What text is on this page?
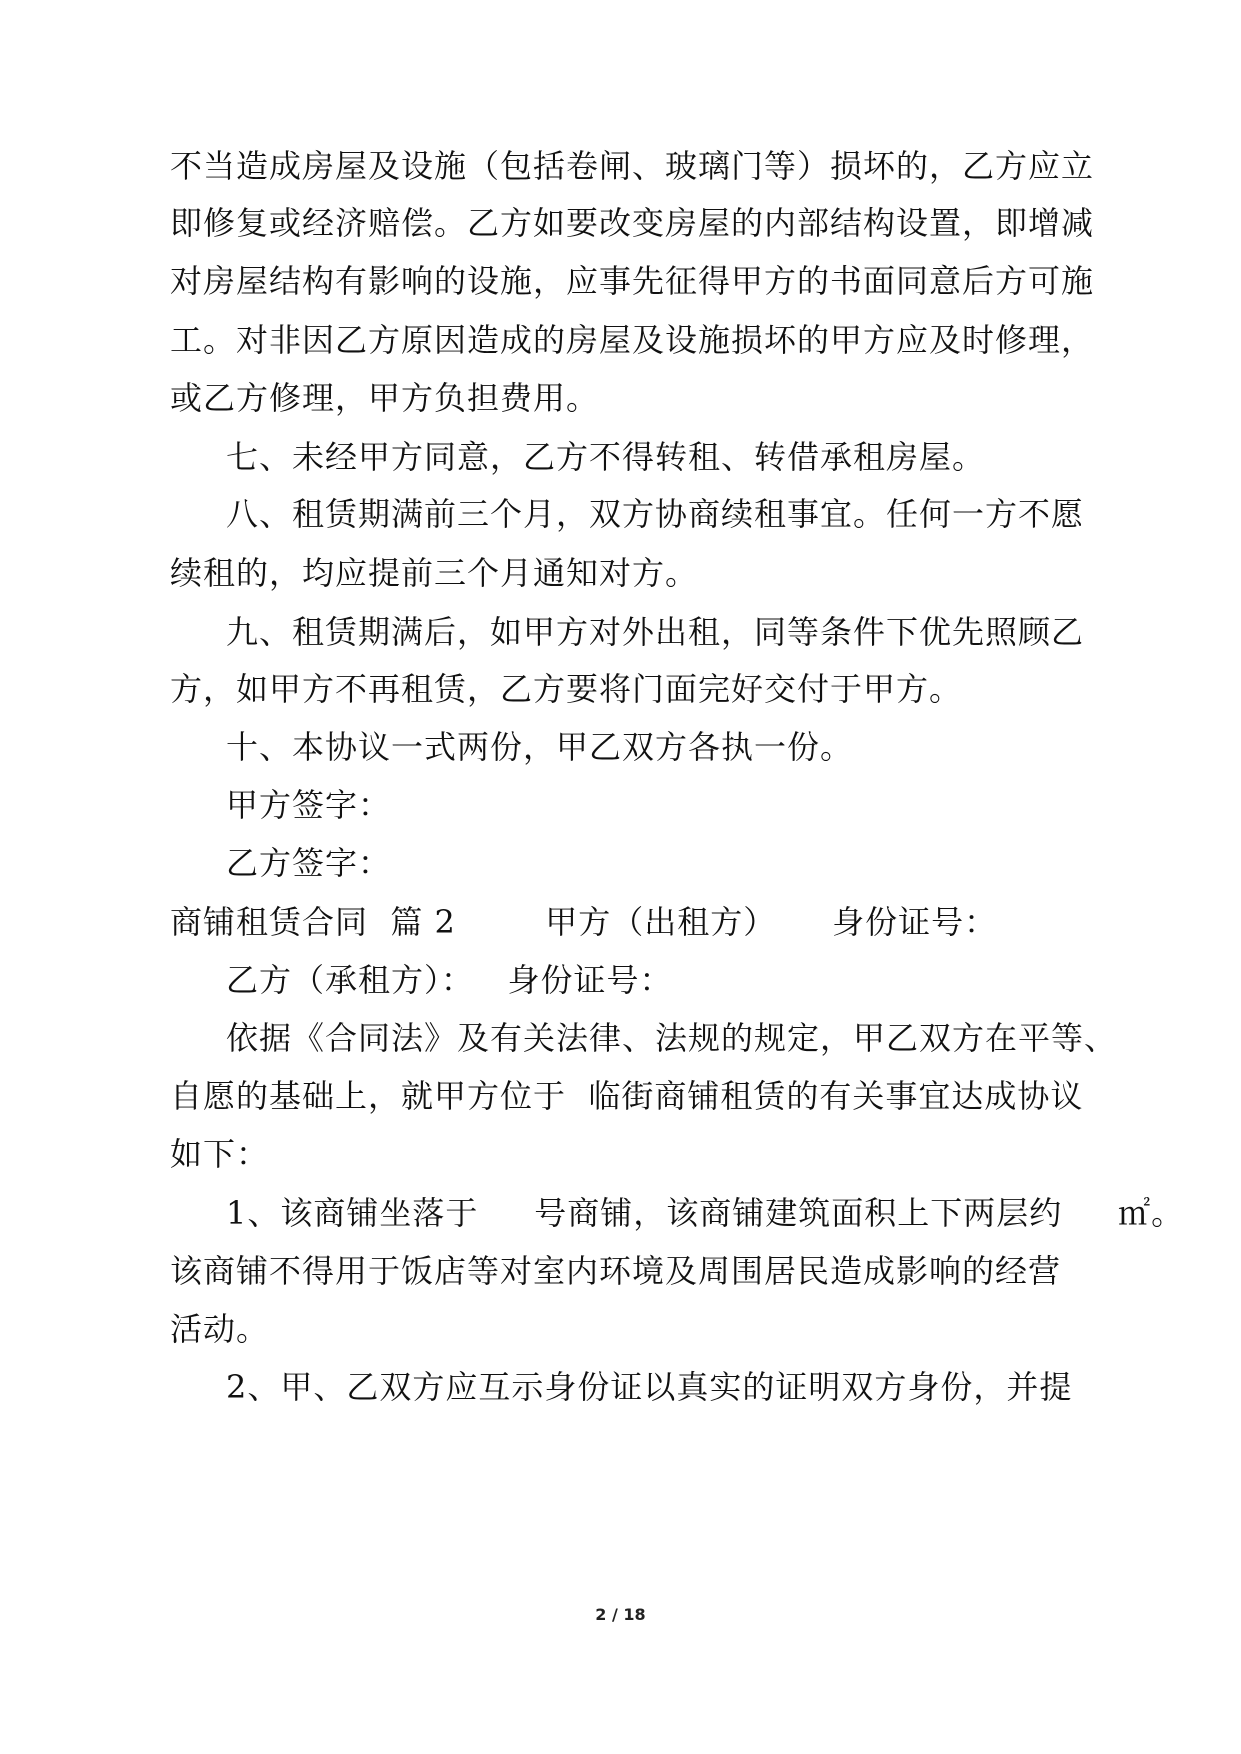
不当造成房屋及设施（包括卷闸、玻璃门等）损坏的，乙方应立
即修复或经济赔偿。乙方如要改变房屋的内部结构设置，即增减
对房屋结构有影响的设施，应事先征得甲方的书面同意后方可施
工。对非因乙方原因造成的房屋及设施损坏的甲方应及时修理，
或乙方修理，甲方负担费用。
七、未经甲方同意，乙方不得转租、转借承租房屋。
八、租赁期满前三个月，双方协商续租事宜。任何一方不愿
续租的，均应提前三个月通知对方。
九、租赁期满后，如甲方对外出租，同等条件下优先照顾乙
方，如甲方不再租赁，乙方要将门面完好交付于甲方。
十、本协议一式两份，甲乙双方各执一份。
甲方签字：
乙方签字：
商铺租赁合同  篇 2        甲方（出租方）     身份证号：
乙方（承租方）：   身份证号：
依据《合同法》及有关法律、法规的规定，甲乙双方在平等、
自愿的基础上，就甲方位于  临街商铺租赁的有关事宜达成协议
如下：
1、该商铺坐落于     号商铺，该商铺建筑面积上下两层约     ㎡。
该商铺不得用于饭店等对室内环境及周围居民造成影响的经营
活动。
2、甲、乙双方应互示身份证以真实的证明双方身份，并提
2 / 18
